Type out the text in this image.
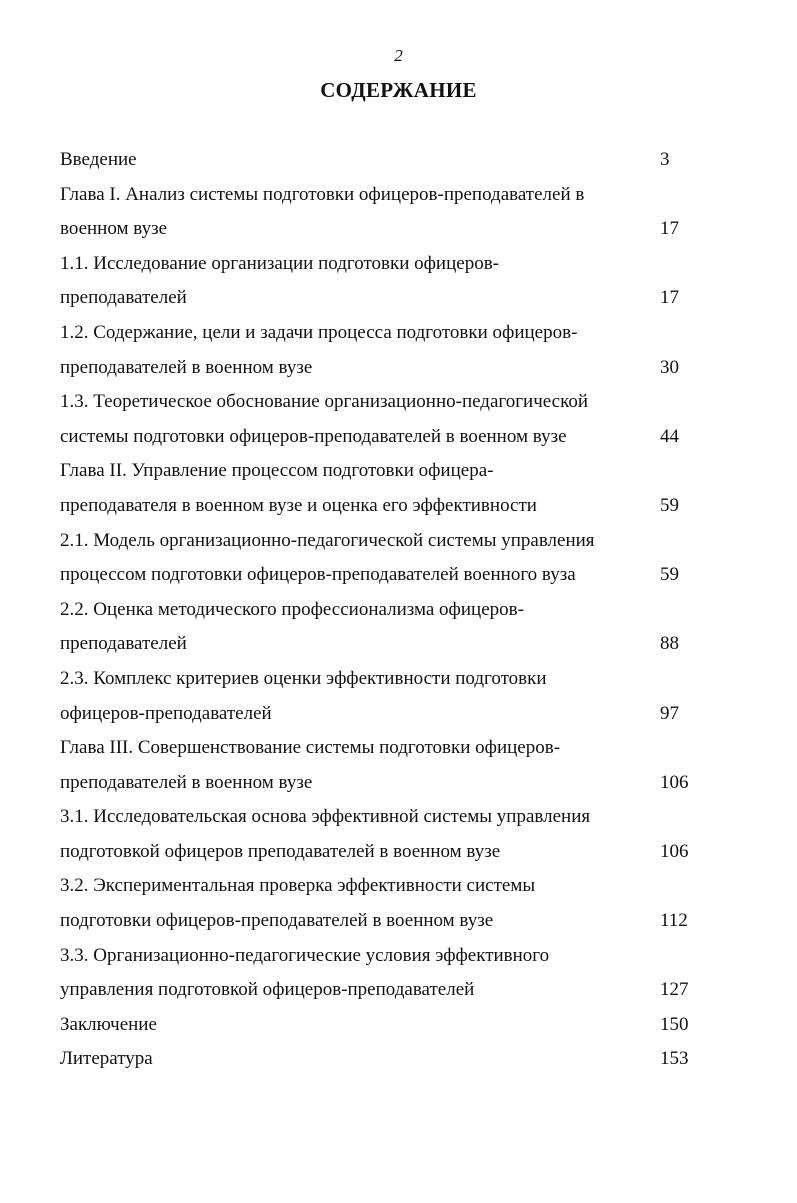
2
СОДЕРЖАНИЕ
Введение	3
Глава I. Анализ системы подготовки офицеров-преподавателей в
военном вузе	17
1.1. Исследование организации подготовки офицеров-
преподавателей	17
1.2. Содержание, цели и задачи процесса подготовки офицеров-
преподавателей в военном вузе	30
1.3. Теоретическое обоснование организационно-педагогической
системы подготовки офицеров-преподавателей в военном вузе	44
Глава II. Управление процессом подготовки офицера-
преподавателя в военном вузе и оценка его эффективности	59
2.1. Модель организационно-педагогической системы управления
процессом подготовки офицеров-преподавателей военного вуза	59
2.2. Оценка методического профессионализма офицеров-
преподавателей	88
2.3. Комплекс критериев оценки эффективности подготовки
офицеров-преподавателей	97
Глава III. Совершенствование системы подготовки офицеров-
преподавателей в военном вузе	106
3.1. Исследовательская основа эффективной системы управления
подготовкой офицеров преподавателей в военном вузе	106
3.2. Экспериментальная проверка эффективности системы
подготовки офицеров-преподавателей в военном вузе	112
3.3. Организационно-педагогические условия эффективного
управления подготовкой офицеров-преподавателей	127
Заключение	150
Литература	153
